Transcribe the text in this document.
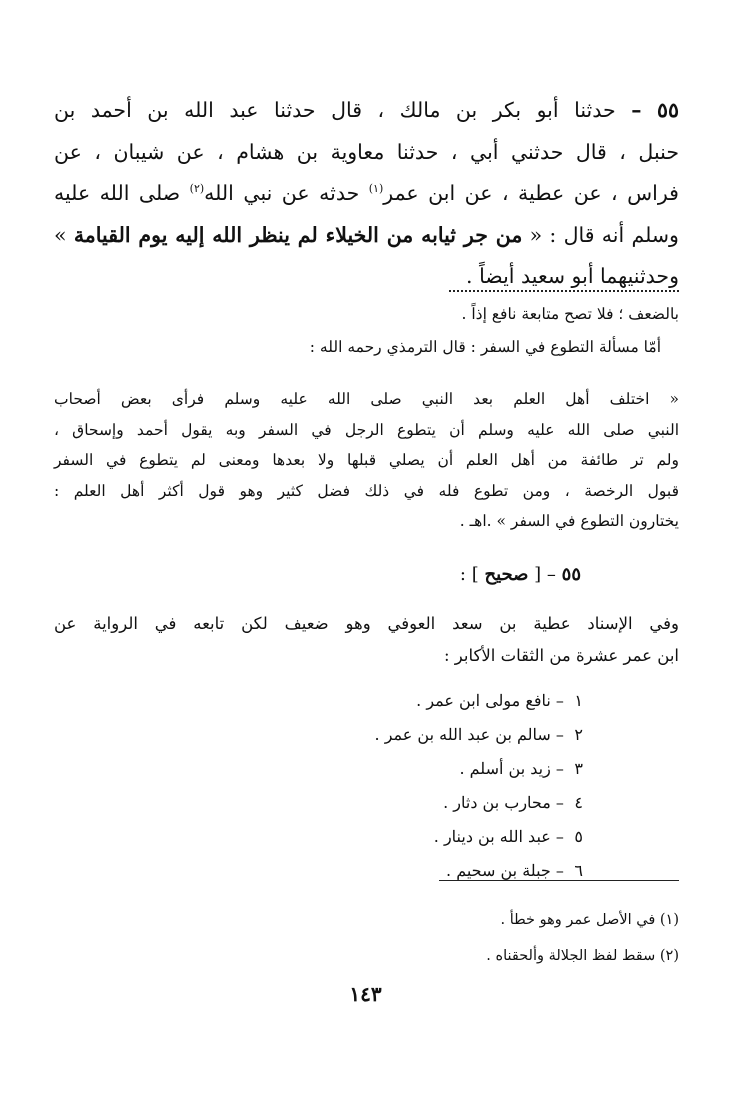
٥٥ – حدثنا أبو بكر بن مالك ، قال حدثنا عبد الله بن أحمد بن
حنبل ، قال حدثني أبي ، حدثنا معاوية بن هشام ، عن شيبان ، عن
فراس ، عن عطية ، عن ابن عمر$^{(١)}$ حدثه عن نبي الله$^{(٢)}$ صلى الله عليه
وسلم أنه قال : « من جر ثيابه من الخيلاء لم ينظر الله إليه يوم القيامة »
وحدثنيهما أبو سعيد أيضاً .

بالضعف ؛ فلا تصح متابعة نافع إذاً .

أمّا مسألة التطوع في السفر : قال الترمذي رحمه الله :

« اختلف أهل العلم بعد النبي صلى الله عليه وسلم فرأى بعض أصحاب
النبي صلى الله عليه وسلم أن يتطوع الرجل في السفر وبه يقول أحمد وإسحاق ،
ولم تر طائفة من أهل العلم أن يصلي قبلها ولا بعدها ومعنى لم يتطوع في السفر
قبول الرخصة ، ومن تطوع فله في ذلك فضل كثير وهو قول أكثر أهل العلم :
يختارون التطوع في السفر » .اهـ .
٥٥ – [ صحيح ] :
وفي الإسناد عطية بن سعد العوفي وهو ضعيف لكن تابعه في الرواية عن
ابن عمر عشرة من الثقات الأكابر :
١ – نافع مولى ابن عمر .
٢ – سالم بن عبد الله بن عمر .
٣ – زيد بن أسلم .
٤ – محارب بن دثار .
٥ – عبد الله بن دينار .
٦ – جبلة بن سحيم .
(١) في الأصل عمر وهو خطأ .
(٢) سقط لفظ الجلالة وألحقناه .
١٤٣
